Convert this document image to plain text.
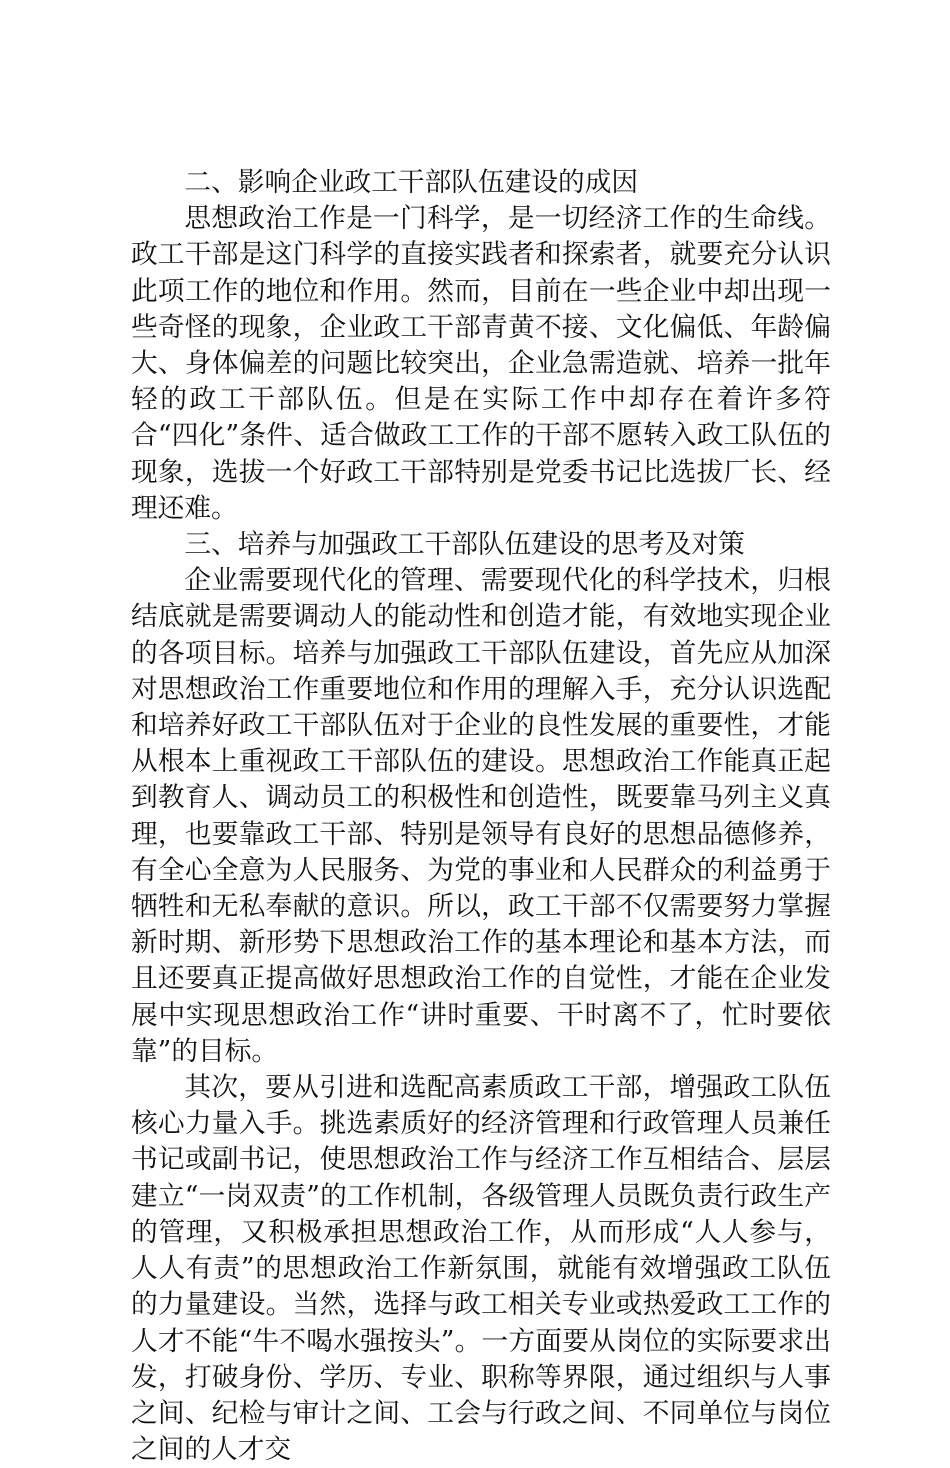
二、影响企业政工干部队伍建设的成因

思想政治工作是一门科学，是一切经济工作的生命线。政工干部是这门科学的直接实践者和探索者，就要充分认识此项工作的地位和作用。然而，目前在一些企业中却出现一些奇怪的现象，企业政工干部青黄不接、文化偏低、年龄偏大、身体偏差的问题比较突出，企业急需造就、培养一批年轻的政工干部队伍。但是在实际工作中却存在着许多符合“四化”条件、适合做政工工作的干部不愿转入政工队伍的现象，选拔一个好政工干部特别是党委书记比选拔厂长、经理还难。

三、培养与加强政工干部队伍建设的思考及对策

企业需要现代化的管理、需要现代化的科学技术，归根结底就是需要调动人的能动性和创造才能，有效地实现企业的各项目标。培养与加强政工干部队伍建设，首先应从加深对思想政治工作重要地位和作用的理解入手，充分认识选配和培养好政工干部队伍对于企业的良性发展的重要性，才能从根本上重视政工干部队伍的建设。思想政治工作能真正起到教育人、调动员工的积极性和创造性，既要靠马列主义真理，也要靠政工干部、特别是领导有良好的思想品德修养，有全心全意为人民服务、为党的事业和人民群众的利益勇于牺牲和无私奉献的意识。所以，政工干部不仅需要努力掌握新时期、新形势下思想政治工作的基本理论和基本方法，而且还要真正提高做好思想政治工作的自觉性，才能在企业发展中实现思想政治工作“讲时重要、干时离不了，忙时要依靠”的目标。

其次，要从引进和选配高素质政工干部，增强政工队伍核心力量入手。挑选素质好的经济管理和行政管理人员兼任书记或副书记，使思想政治工作与经济工作互相结合、层层建立“一岗双责”的工作机制，各级管理人员既负责行政生产的管理，又积极承担思想政治工作，从而形成“人人参与，人人有责”的思想政治工作新氛围，就能有效增强政工队伍的力量建设。当然，选择与政工相关专业或热爱政工工作的人才不能“牛不喝水强按头”。一方面要从岗位的实际要求出发，打破身份、学历、专业、职称等界限，通过组织与人事之间、纪检与审计之间、工会与行政之间、不同单位与岗位之间的人才交
